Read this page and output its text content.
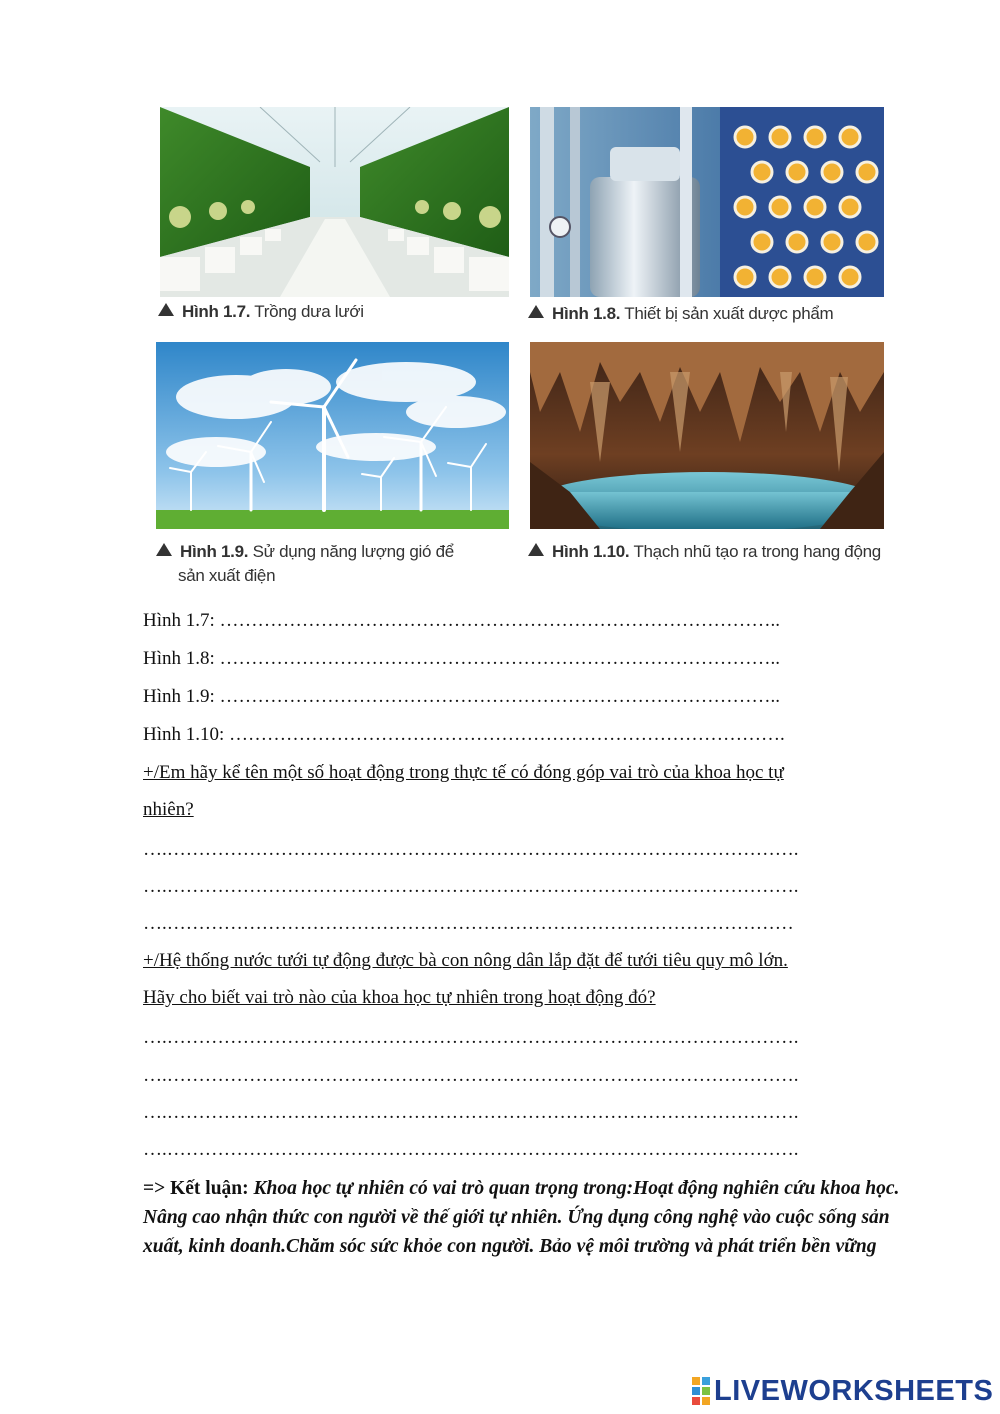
Hình 1.7. Trồng dưa lưới	Hình 1.8. Thiết bị sản xuất dược phẩm
Hình 1.9. Sử dụng năng lượng gió để
sản xuất điện
Hình 1.10. Thạch nhũ tạo ra trong hang động
Hình 1.7: ……………………………………………………………………………..
Hình 1.8: ……………………………………………………………………………..
Hình 1.9: ……………………………………………………………………………..
Hình 1.10: …………………………………………………………………………….
+/Em hãy kể tên một số hoạt động trong thực tế có đóng góp vai trò của khoa học tự
nhiên?
….……………………………………………………………………………………….
….……………………………………………………………………………………….
….………………………………………………………………………………………
+/Hệ thống nước tưới tự động được bà con nông dân lắp đặt để tưới tiêu quy mô lớn.
Hãy cho biết vai trò nào của khoa học tự nhiên trong hoạt động đó?
….……………………………………………………………………………………….
….……………………………………………………………………………………….
….……………………………………………………………………………………….
….……………………………………………………………………………………….
=> Kết luận: Khoa học tự nhiên có vai trò quan trọng trong:Hoạt động nghiên cứu khoa học. Nâng cao nhận thức con người về thế giới tự nhiên. Ứng dụng công nghệ vào cuộc sống sản xuất, kinh doanh.Chăm sóc sức khỏe con người. Bảo vệ môi trường và phát triển bền vững
LIVEWORKSHEETS
